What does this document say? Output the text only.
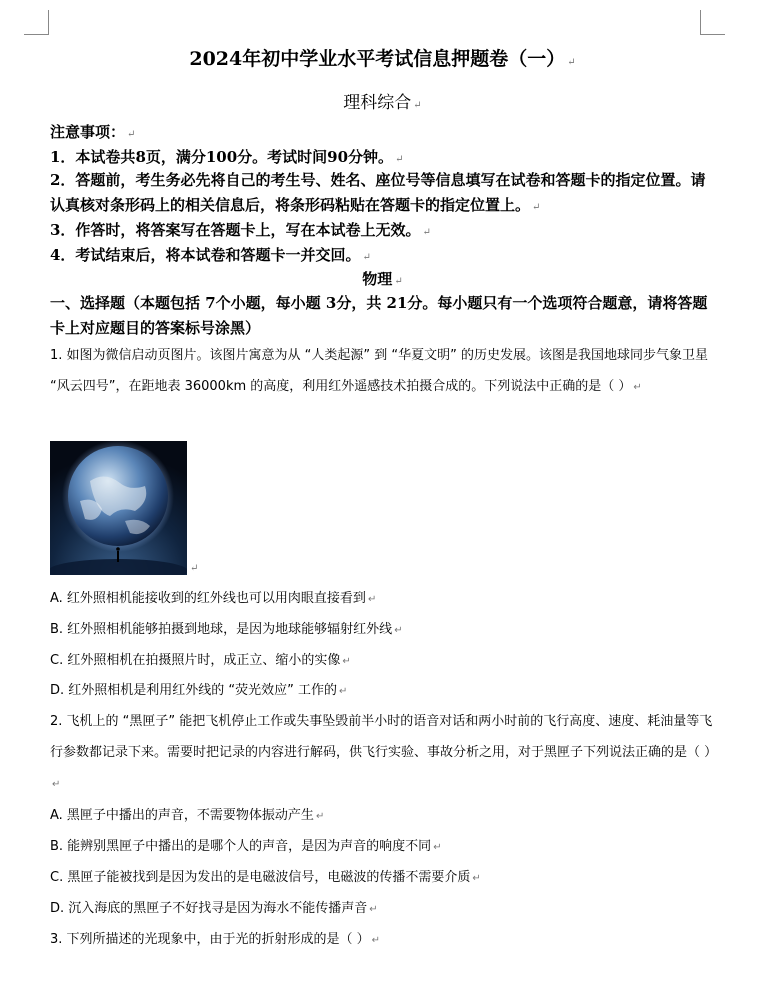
2024年初中学业水平考试信息押题卷（一） ↵
理科综合 ↵
注意事项： ↵
1．本试卷共8页，满分100分。考试时间90分钟。 ↵
2．答题前，考生务必先将自己的考生号、姓名、座位号等信息填写在试卷和答题卡的指定位置。请认真核对条形码上的相关信息后，将条形码粘贴在答题卡的指定位置上。 ↵
3．作答时，将答案写在答题卡上，写在本试卷上无效。 ↵
4．考试结束后，将本试卷和答题卡一并交回。 ↵
物理 ↵
一、选择题（本题包括 7个小题，每小题 3分，共 21分。每小题只有一个选项符合题意，请将答题卡上对应题目的答案标号涂黑）
1. 如图为微信启动页图片。该图片寓意为从 “人类起源” 到 “华夏文明” 的历史发展。该图是我国地球同步气象卫星 “风云四号”，在距地表 36000km 的高度，利用红外遥感技术拍摄合成的。下列说法中正确的是（ ） ↵
↵
A. 红外照相机能接收到的红外线也可以用肉眼直接看到 ↵
B. 红外照相机能够拍摄到地球，是因为地球能够辐射红外线 ↵
C. 红外照相机在拍摄照片时，成正立、缩小的实像 ↵
D. 红外照相机是利用红外线的 “荧光效应” 工作的 ↵
2. 飞机上的 “黑匣子” 能把飞机停止工作或失事坠毁前半小时的语音对话和两小时前的飞行高度、速度、耗油量等飞行参数都记录下来。需要时把记录的内容进行解码，供飞行实验、事故分析之用，对于黑匣子下列说法正确的是（ ）↵
A. 黑匣子中播出的声音，不需要物体振动产生 ↵
B. 能辨别黑匣子中播出的是哪个人的声音，是因为声音的响度不同 ↵
C. 黑匣子能被找到是因为发出的是电磁波信号，电磁波的传播不需要介质 ↵
D. 沉入海底的黑匣子不好找寻是因为海水不能传播声音 ↵
3. 下列所描述的光现象中，由于光的折射形成的是（ ） ↵
